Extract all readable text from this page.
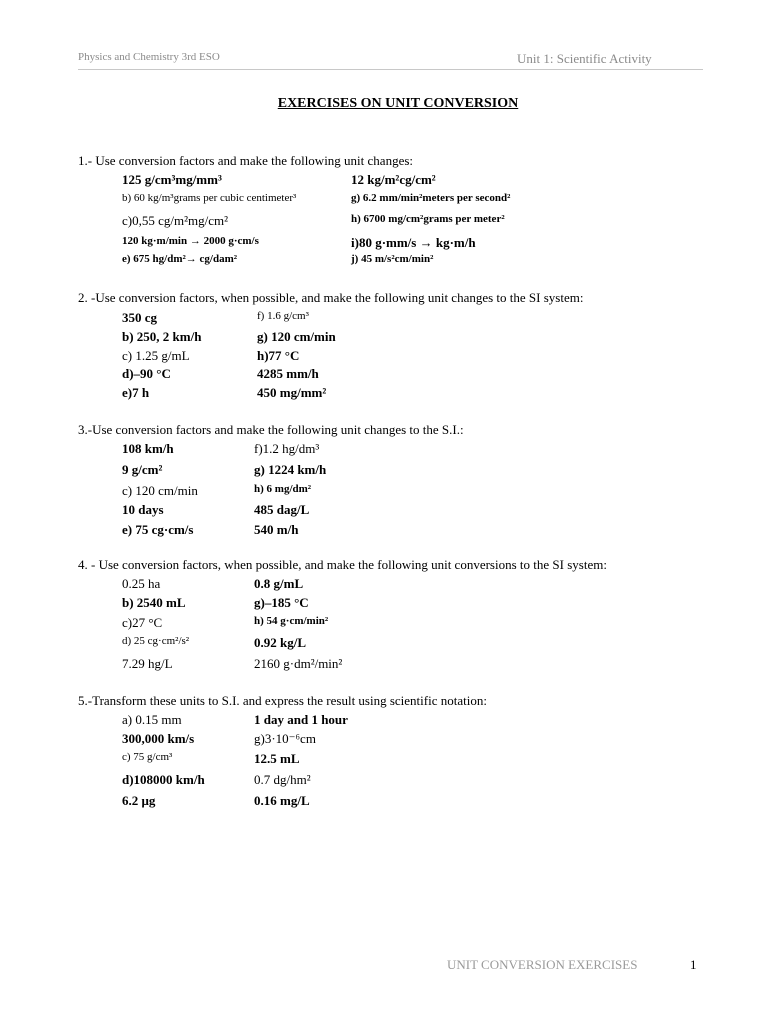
Physics and Chemistry 3rd ESO	Unit 1: Scientific Activity
EXERCISES ON UNIT CONVERSION
1.- Use conversion factors and make the following unit changes:
125 g/cm³mg/mm³	12 kg/m²cg/cm²
b) 60 kg/m³grams per cubic centimeter³	g) 6.2 mm/min²meters per second²
c)0,55 cg/m²mg/cm²	h) 6700 mg/cm²grams per meter²
120 kg·m/min → 2000 g·cm/s	i)80 g·mm/s → kg·m/h
e) 675 hg/dm²→ cg/dam²	j) 45 m/s²cm/min²
2. -Use conversion factors, when possible, and make the following unit changes to the SI system:
350 cg	f) 1.6 g/cm³
b) 250, 2 km/h	g) 120 cm/min
c) 1.25 g/mL	h)77 °C
d)–90 °C	4285 mm/h
e)7 h	450 mg/mm²
3.-Use conversion factors and make the following unit changes to the S.I.:
108 km/h	f)1.2 hg/dm³
9 g/cm²	g) 1224 km/h
c) 120 cm/min	h) 6 mg/dm²
10 days	485 dag/L
e) 75 cg·cm/s	540 m/h
4. - Use conversion factors, when possible, and make the following unit conversions to the SI system:
0.25 ha	0.8 g/mL
b) 2540 mL	g)–185 °C
c)27 °C	h) 54 g·cm/min²
d) 25 cg·cm²/s²	0.92 kg/L
7.29 hg/L	2160 g·dm²/min²
5.-Transform these units to S.I. and express the result using scientific notation:
a) 0.15 mm	1 day and 1 hour
300,000 km/s	g)3·10⁻⁶cm
c) 75 g/cm³	12.5 mL
d)108000 km/h	0.7 dg/hm²
6.2 μg	0.16 mg/L
UNIT CONVERSION EXERCISES	1
